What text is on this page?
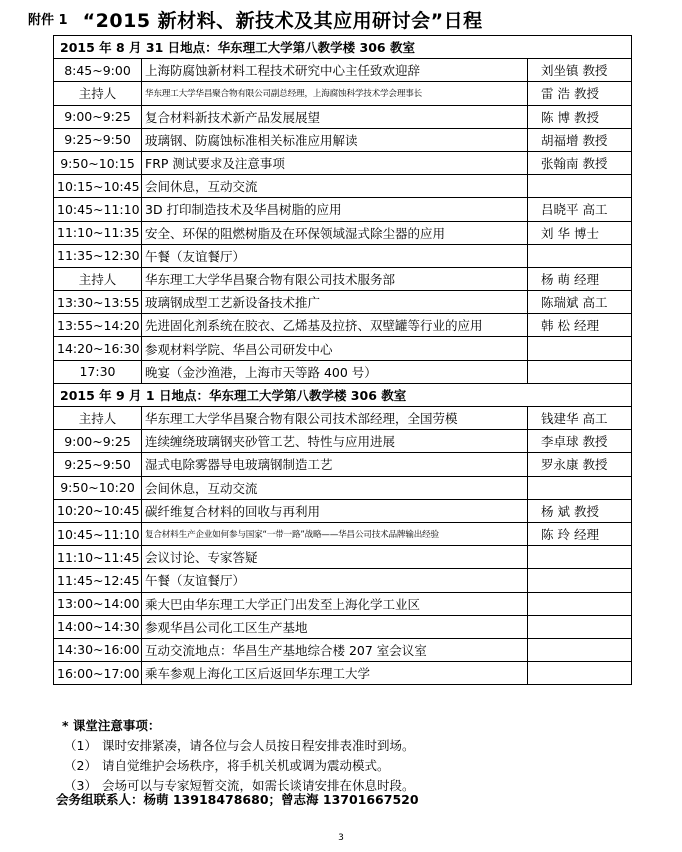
附件 1 “2015 新材料、新技术及其应用研讨会”日程
2015 年 8 月 31 日地点：华东理工大学第八教学楼 306 教室		
8:45~9:00	上海防腐蚀新材料工程技术研究中心主任致欢迎辞	刘坐镇 教授
主持人	华东理工大学华昌聚合物有限公司副总经理，上海腐蚀科学技术学会理事长	雷 浩 教授
9:00~9:25	复合材料新技术新产品发展展望	陈 博 教授
9:25~9:50	玻璃钢、防腐蚀标准相关标准应用解读	胡福增 教授
9:50~10:15	FRP 测试要求及注意事项	张翰南 教授
10:15~10:45	会间休息，互动交流	
10:45~11:10	3D 打印制造技术及华昌树脂的应用	吕晓平 高工
11:10~11:35	安全、环保的阻燃树脂及在环保领域湿式除尘器的应用	刘 华 博士
11:35~12:30	午餐（友谊餐厅）	
主持人	华东理工大学华昌聚合物有限公司技术服务部	杨 萌 经理
13:30~13:55	玻璃钢成型工艺新设备技术推广	陈瑞斌 高工
13:55~14:20	先进固化剂系统在胶衣、乙烯基及拉挤、双壁罐等行业的应用	韩 松 经理
14:20~16:30	参观材料学院、华昌公司研发中心	
17:30	晚宴（金沙渔港，上海市天等路 400 号）	
2015 年 9 月 1 日地点：华东理工大学第八教学楼 306 教室		
主持人	华东理工大学华昌聚合物有限公司技术部经理，全国劳模	钱建华 高工
9:00~9:25	连续缠绕玻璃钢夹砂管工艺、特性与应用进展	李卓球 教授
9:25~9:50	湿式电除雾器导电玻璃钢制造工艺	罗永康 教授
9:50~10:20	会间休息，互动交流	
10:20~10:45	碳纤维复合材料的回收与再利用	杨 斌 教授
10:45~11:10	复合材料生产企业如何参与国家“一带一路”战略——华昌公司技术品牌输出经验	陈 玲 经理
11:10~11:45	会议讨论、专家答疑	
11:45~12:45	午餐（友谊餐厅）	
13:00~14:00	乘大巴由华东理工大学正门出发至上海化学工业区	
14:00~14:30	参观华昌公司化工区生产基地	
14:30~16:00	互动交流地点：华昌生产基地综合楼 207 室会议室	
16:00~17:00	乘车参观上海化工区后返回华东理工大学	
* 课堂注意事项：
（1） 课时安排紧凑，请各位与会人员按日程安排表准时到场。
（2） 请自觉维护会场秩序，将手机关机或调为震动模式。
（3） 会场可以与专家短暂交流，如需长谈请安排在休息时段。
会务组联系人：杨萌 13918478680；曾志海 13701667520
3
